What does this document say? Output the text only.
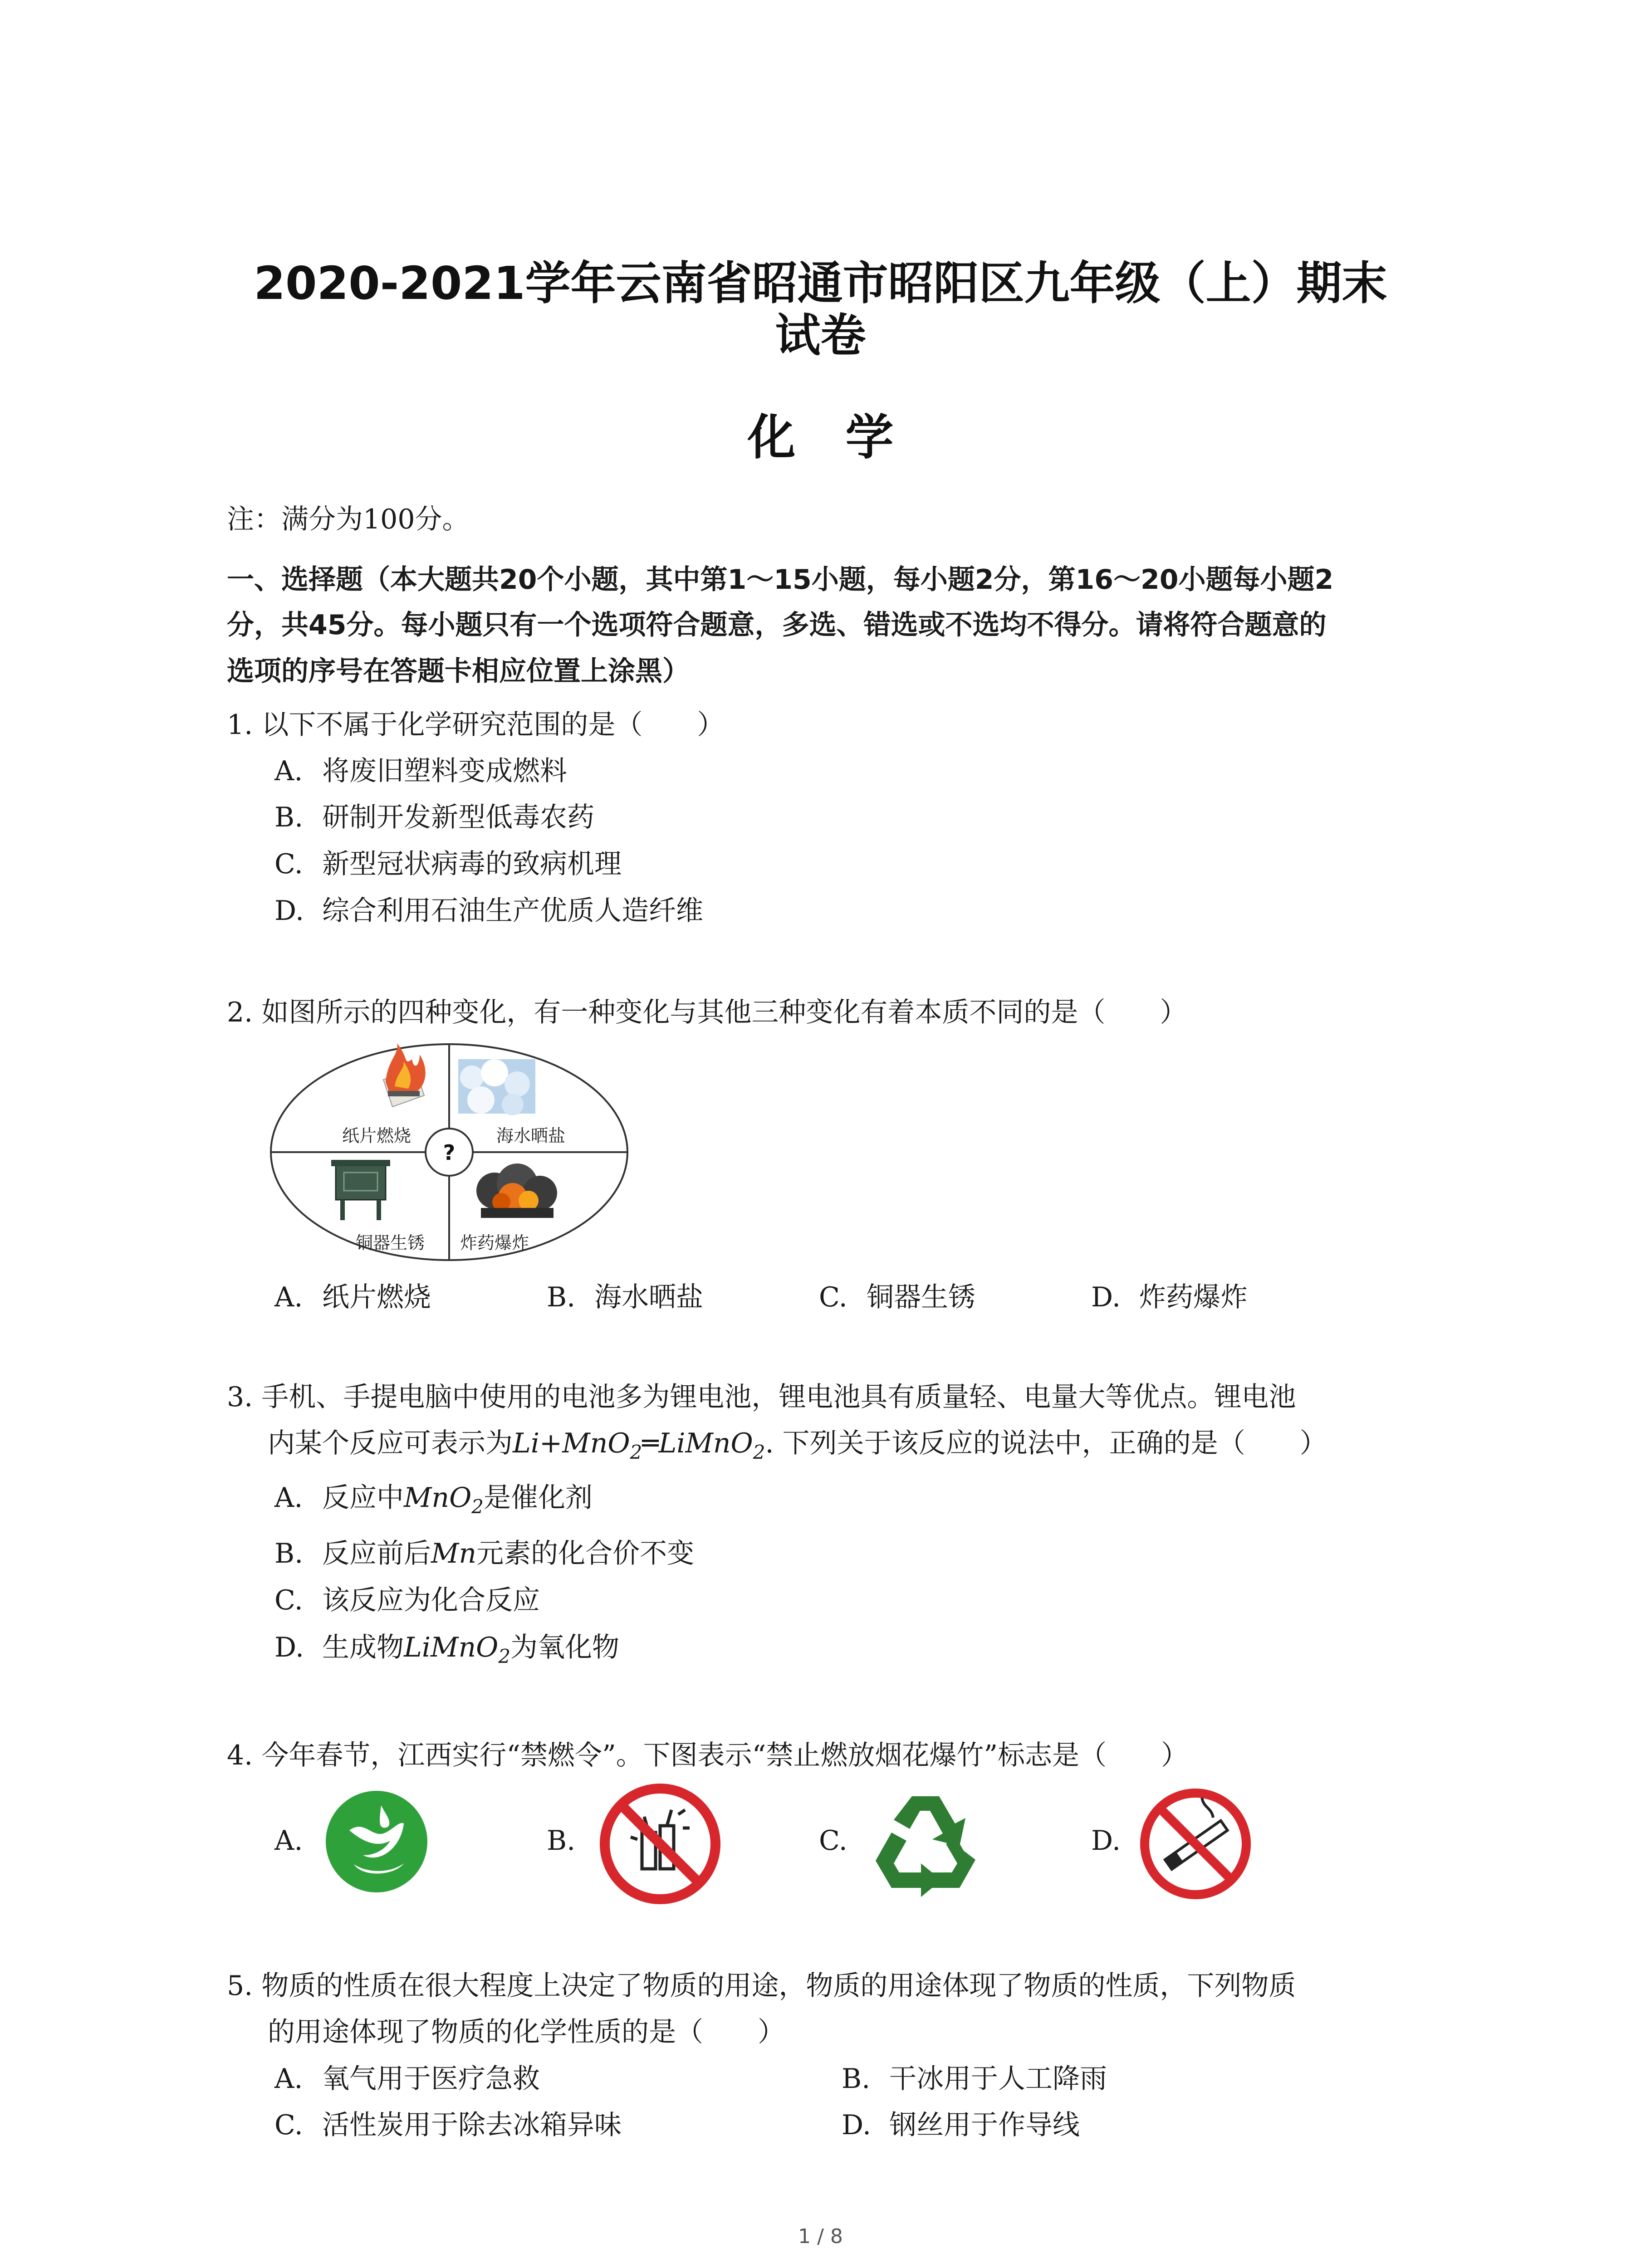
2020-2021学年云南省昭通市昭阳区九年级（上）期末
试卷
化学
注：满分为100分。
一、选择题（本大题共20个小题，其中第1～15小题，每小题2分，第16～20小题每小题2
分，共45分。每小题只有一个选项符合题意，多选、错选或不选均不得分。请将符合题意的
选项的序号在答题卡相应位置上涂黑）
1. 以下不属于化学研究范围的是（　　）
A. 将废旧塑料变成燃料
B. 研制开发新型低毒农药
C. 新型冠状病毒的致病机理
D. 综合利用石油生产优质人造纤维
2. 如图所示的四种变化，有一种变化与其他三种变化有着本质不同的是（　　）
?
纸片燃烧	海水晒盐
铜器生锈 炸药爆炸
A. 纸片燃烧	B. 海水晒盐	C. 铜器生锈	D. 炸药爆炸
3. 手机、手提电脑中使用的电池多为锂电池，锂电池具有质量轻、电量大等优点。锂电池
内某个反应可表示为Li+MnO$_2$═LiMnO$_2$. 下列关于该反应的说法中，正确的是（　　）
A. 反应中MnO$_2$是催化剂
B. 反应前后Mn元素的化合价不变
C. 该反应为化合反应
D. 生成物LiMnO$_2$为氧化物
4. 今年春节，江西实行“禁燃令”。下图表示“禁止燃放烟花爆竹”标志是（　　）
A.	B.	C.	D.
5. 物质的性质在很大程度上决定了物质的用途，物质的用途体现了物质的性质，下列物质
的用途体现了物质的化学性质的是（　　）
A. 氧气用于医疗急救	B. 干冰用于人工降雨
C. 活性炭用于除去冰箱异味	D. 钢丝用于作导线
1 / 8
